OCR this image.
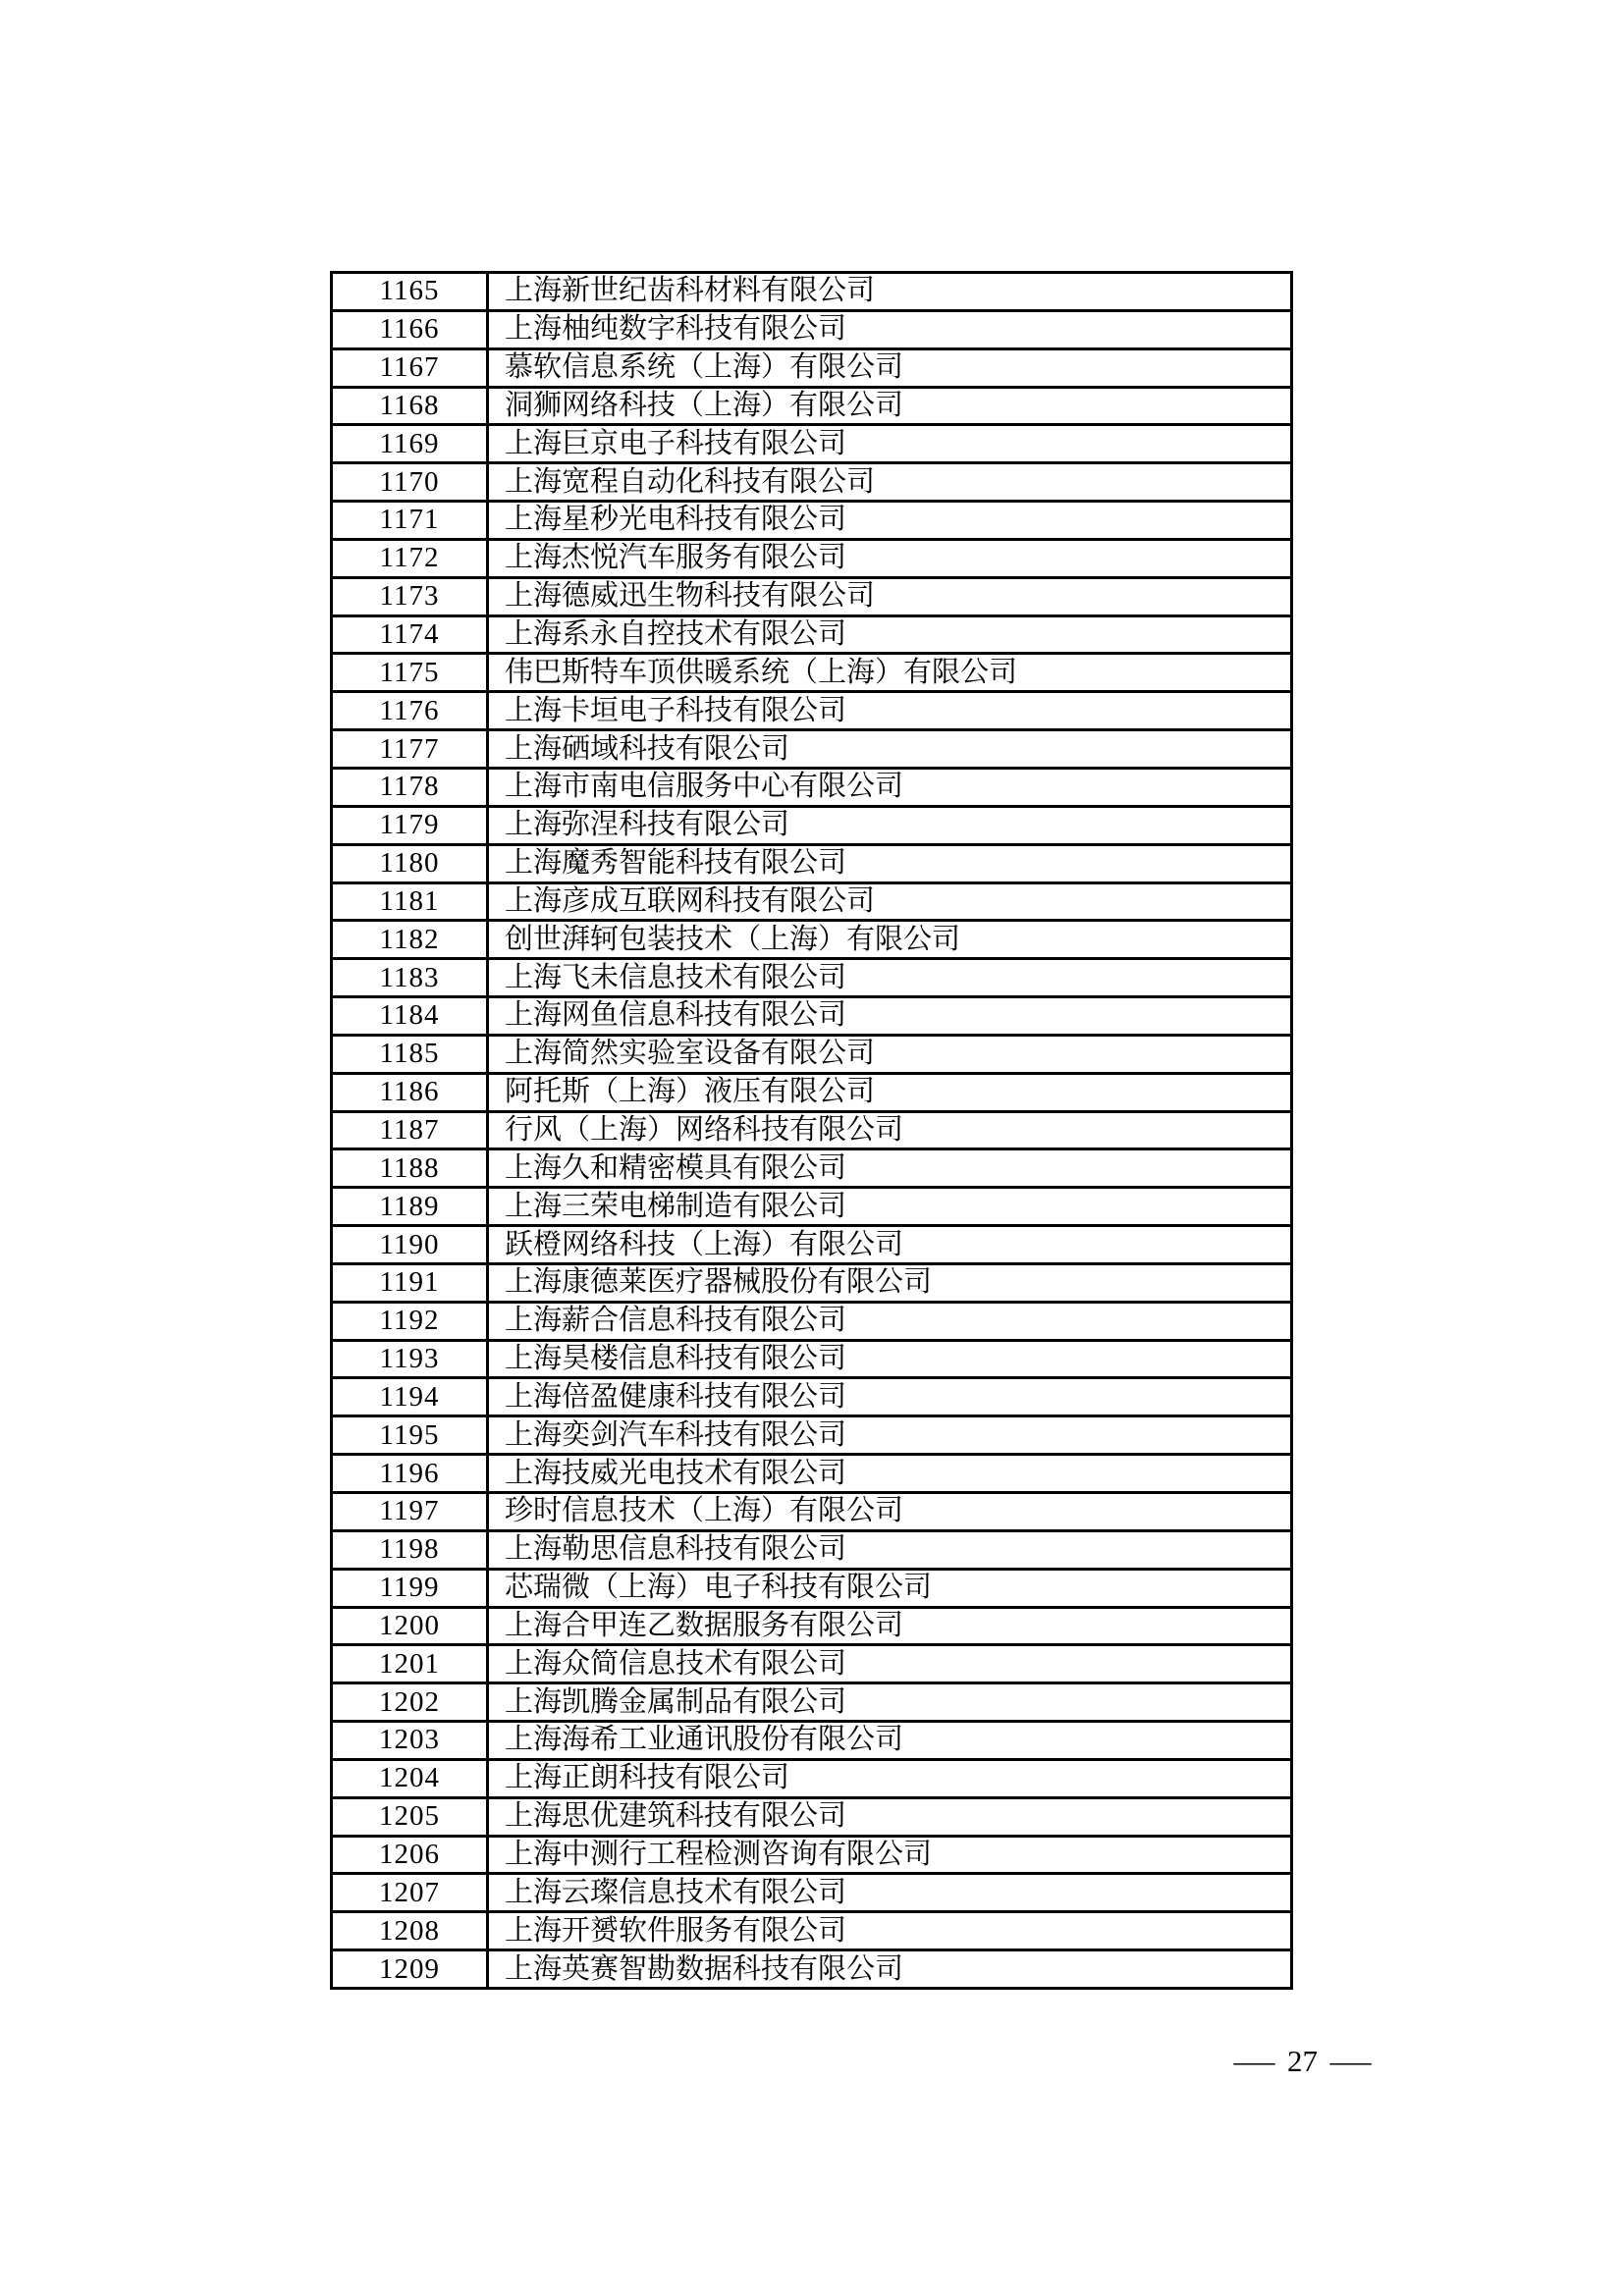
1165	上海新世纪齿科材料有限公司
1166	上海柚纯数字科技有限公司
1167	慕软信息系统（上海）有限公司
1168	洞狮网络科技（上海）有限公司
1169	上海巨京电子科技有限公司
1170	上海宽程自动化科技有限公司
1171	上海星秒光电科技有限公司
1172	上海杰悦汽车服务有限公司
1173	上海德威迅生物科技有限公司
1174	上海系永自控技术有限公司
1175	伟巴斯特车顶供暖系统（上海）有限公司
1176	上海卡垣电子科技有限公司
1177	上海硒域科技有限公司
1178	上海市南电信服务中心有限公司
1179	上海弥涅科技有限公司
1180	上海魔秀智能科技有限公司
1181	上海彦成互联网科技有限公司
1182	创世湃轲包装技术（上海）有限公司
1183	上海飞未信息技术有限公司
1184	上海网鱼信息科技有限公司
1185	上海简然实验室设备有限公司
1186	阿托斯（上海）液压有限公司
1187	行风（上海）网络科技有限公司
1188	上海久和精密模具有限公司
1189	上海三荣电梯制造有限公司
1190	跃橙网络科技（上海）有限公司
1191	上海康德莱医疗器械股份有限公司
1192	上海薪合信息科技有限公司
1193	上海昊楼信息科技有限公司
1194	上海倍盈健康科技有限公司
1195	上海奕剑汽车科技有限公司
1196	上海技威光电技术有限公司
1197	珍时信息技术（上海）有限公司
1198	上海勒思信息科技有限公司
1199	芯瑞微（上海）电子科技有限公司
1200	上海合甲连乙数据服务有限公司
1201	上海众简信息技术有限公司
1202	上海凯腾金属制品有限公司
1203	上海海希工业通讯股份有限公司
1204	上海正朗科技有限公司
1205	上海思优建筑科技有限公司
1206	上海中测行工程检测咨询有限公司
1207	上海云璨信息技术有限公司
1208	上海开赟软件服务有限公司
1209	上海英赛智勘数据科技有限公司
— 27 —
